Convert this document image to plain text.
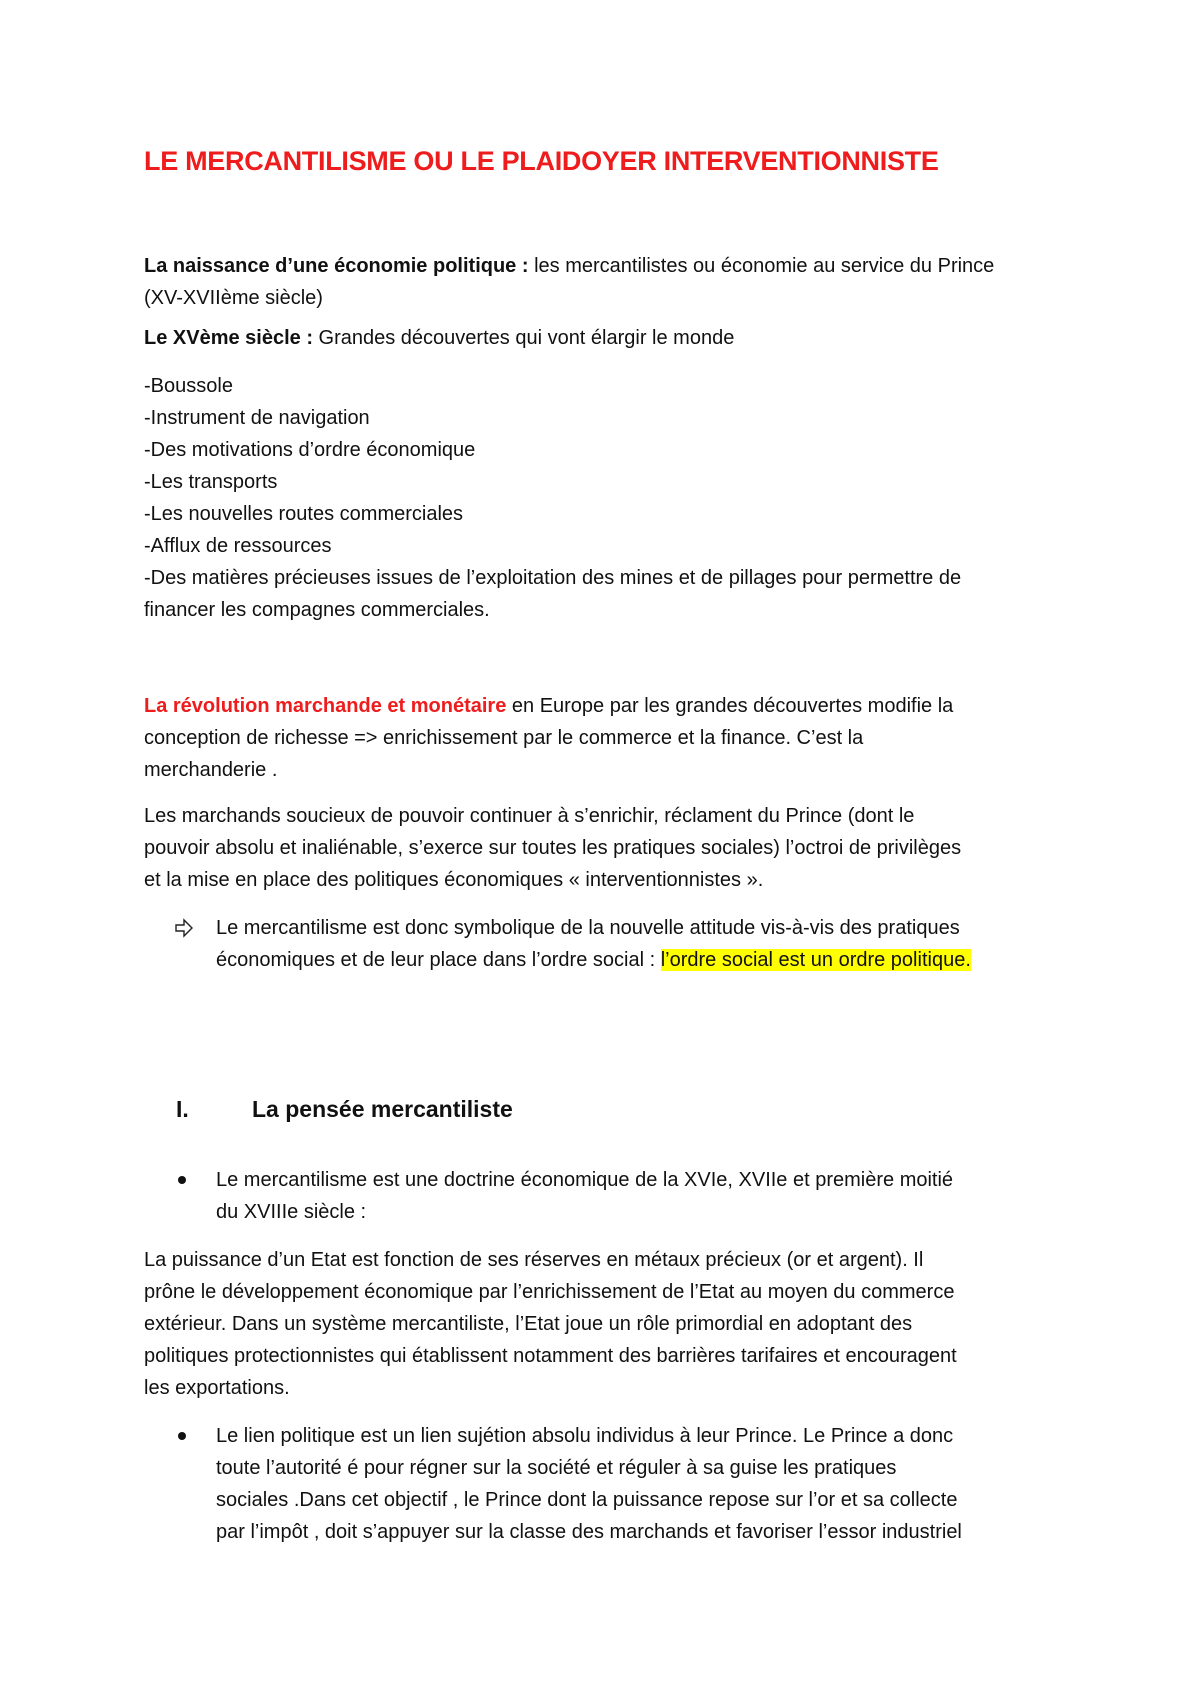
LE MERCANTILISME OU LE PLAIDOYER INTERVENTIONNISTE

La naissance d’une économie politique : les mercantilistes ou économie au service du Prince
(XV-XVIIème siècle)

Le XVème siècle : Grandes découvertes qui vont élargir le monde

-Boussole
-Instrument de navigation
-Des motivations d’ordre économique
-Les transports
-Les nouvelles routes commerciales
-Afflux de ressources
-Des matières précieuses issues de l’exploitation des mines et de pillages pour permettre de
financer les compagnes commerciales.

La révolution marchande et monétaire en Europe par les grandes découvertes modifie la
conception de richesse => enrichissement par le commerce et la finance. C’est la
merchanderie .

Les marchands soucieux de pouvoir continuer à s’enrichir, réclament du Prince (dont le
pouvoir absolu et inaliénable, s’exerce sur toutes les pratiques sociales) l’octroi de privilèges
et la mise en place des politiques économiques « interventionnistes ».

Le mercantilisme est donc symbolique de la nouvelle attitude vis-à-vis des pratiques
économiques et de leur place dans l’ordre social : l’ordre social est un ordre politique.
I.	La pensée mercantiliste
Le mercantilisme est une doctrine économique de la XVIe, XVIIe et première moitié
du XVIIIe siècle :

La puissance d’un Etat est fonction de ses réserves en métaux précieux (or et argent). Il
prône le développement économique par l’enrichissement de l’Etat au moyen du commerce
extérieur. Dans un système mercantiliste, l’Etat joue un rôle primordial en adoptant des
politiques protectionnistes qui établissent notamment des barrières tarifaires et encouragent
les exportations.

Le lien politique est un lien sujétion absolu individus à leur Prince. Le Prince a donc
toute l’autorité é pour régner sur la société et réguler à sa guise les pratiques
sociales .Dans cet objectif , le Prince dont la puissance repose sur l’or et sa collecte
par l’impôt , doit s’appuyer sur la classe des marchands et favoriser l’essor industriel
